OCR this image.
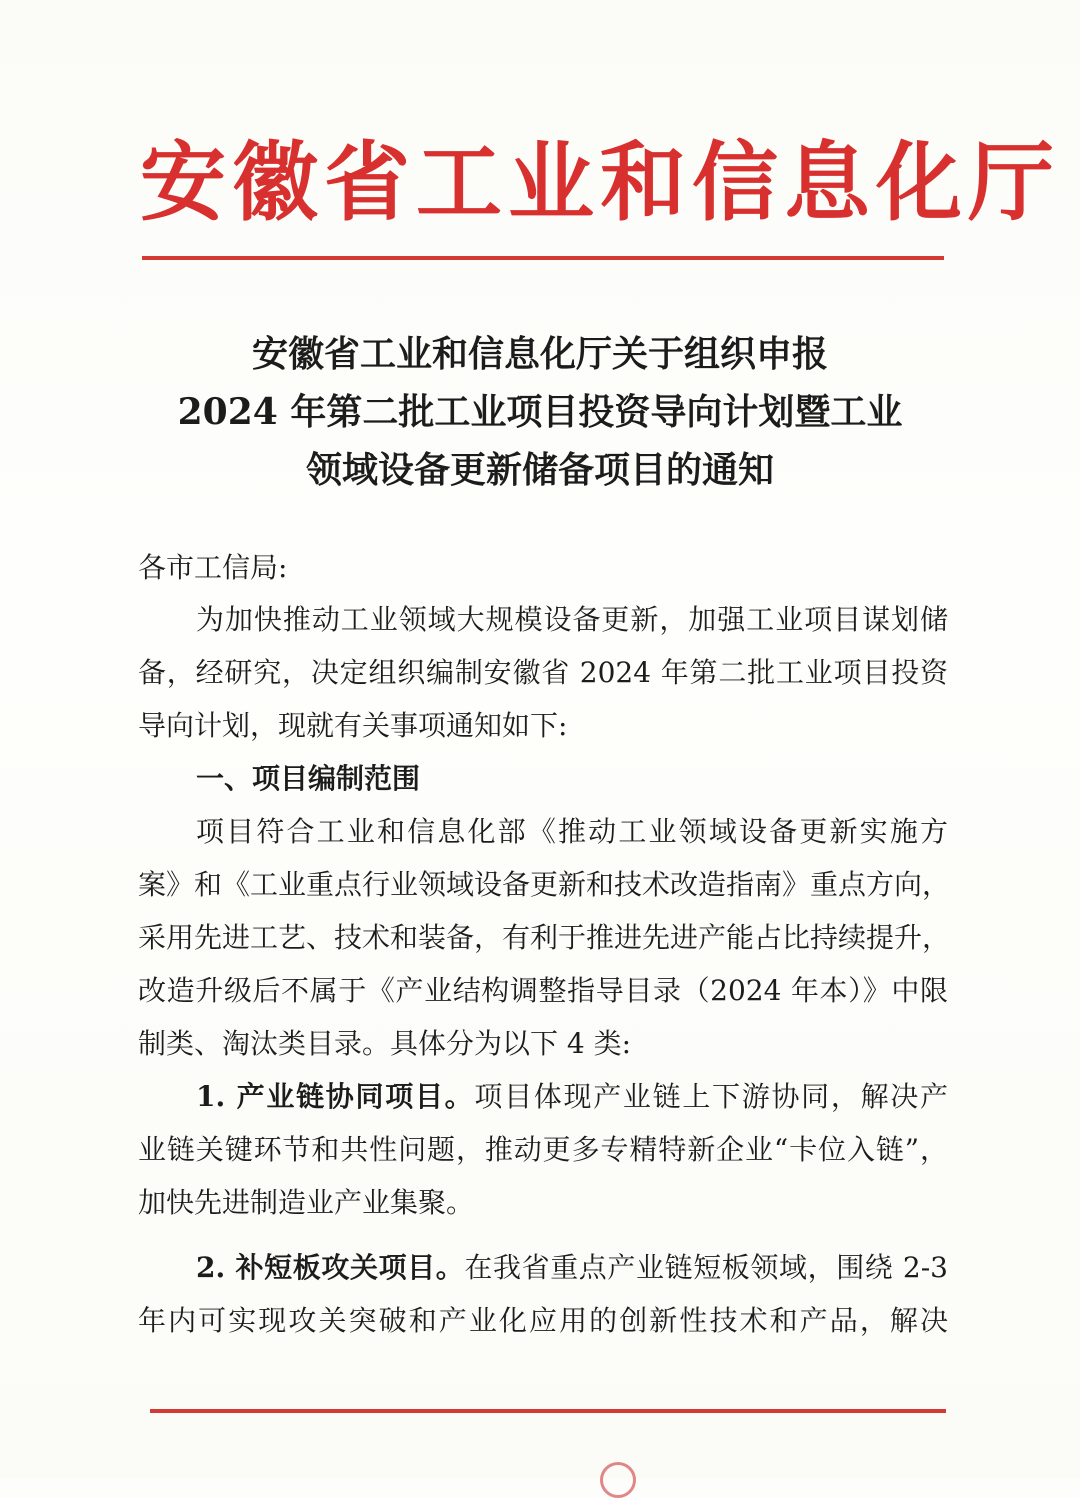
安徽省工业和信息化厅
安徽省工业和信息化厅关于组织申报
2024 年第二批工业项目投资导向计划暨工业
领域设备更新储备项目的通知
各市工信局:
为加快推动工业领域大规模设备更新，加强工业项目谋划储
备，经研究，决定组织编制安徽省 2024 年第二批工业项目投资
导向计划，现就有关事项通知如下:
一、项目编制范围
项目符合工业和信息化部《推动工业领域设备更新实施方
案》和《工业重点行业领域设备更新和技术改造指南》重点方向，
采用先进工艺、技术和装备，有利于推进先进产能占比持续提升，
改造升级后不属于《产业结构调整指导目录（2024 年本）》中限
制类、淘汰类目录。具体分为以下 4 类:
1. 产业链协同项目。项目体现产业链上下游协同，解决产
业链关键环节和共性问题，推动更多专精特新企业“卡位入链”，
加快先进制造业产业集聚。
2. 补短板攻关项目。在我省重点产业链短板领域，围绕 2-3
年内可实现攻关突破和产业化应用的创新性技术和产品，解决
